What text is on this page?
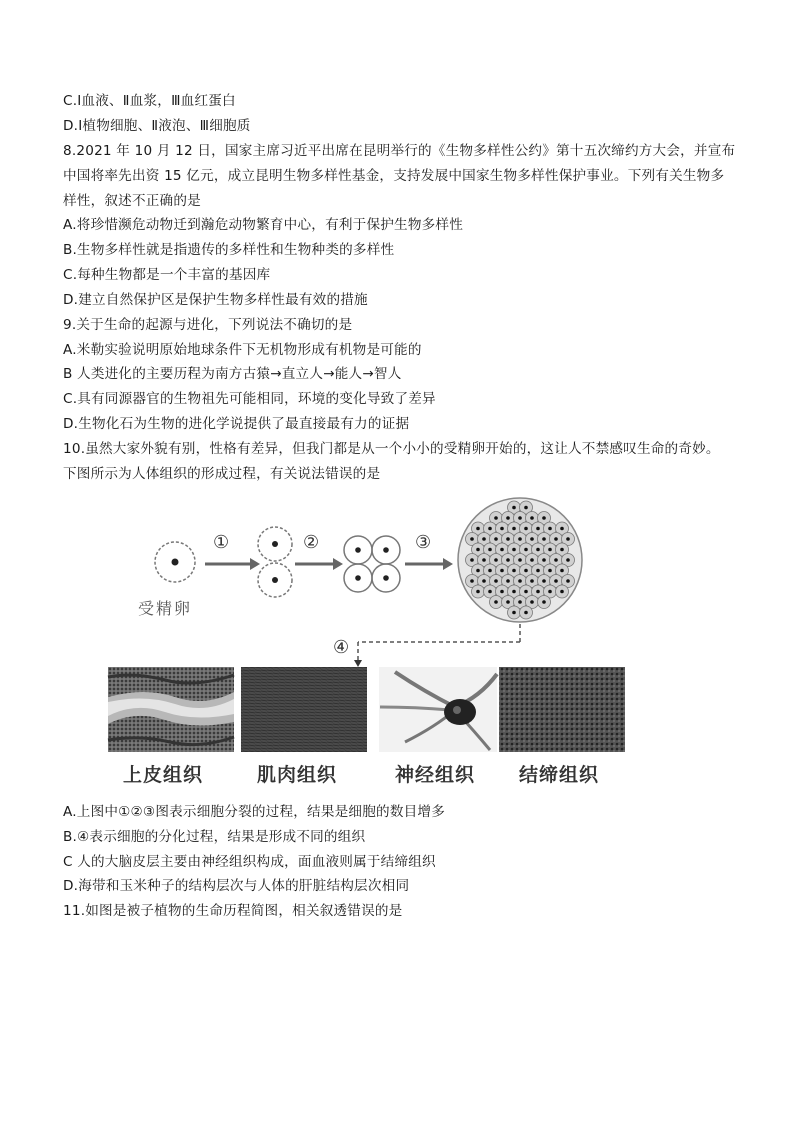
C.Ⅰ血液、Ⅱ血浆，Ⅲ血红蛋白
D.Ⅰ植物细胞、Ⅱ液泡、Ⅲ细胞质
8.2021 年 10 月 12 日，国家主席习近平出席在昆明举行的《生物多样性公约》第十五次缔约方大会，并宣布
中国将率先出资 15 亿元，成立昆明生物多样性基金，支持发展中国家生物多样性保护事业。下列有关生物多
样性，叙述不正确的是
A.将珍惜濒危动物迁到瀚危动物繁育中心，有利于保护生物多样性
B.生物多样性就是指遗传的多样性和生物种类的多样性
C.每种生物都是一个丰富的基因库
D.建立自然保护区是保护生物多样性最有效的措施
9.关于生命的起源与进化，下列说法不确切的是
A.米勒实验说明原始地球条件下无机物形成有机物是可能的
B 人类进化的主要历程为南方古猿→直立人→能人→智人
C.具有同源器官的生物祖先可能相同，环境的变化导致了差异
D.生物化石为生物的进化学说提供了最直接最有力的证据
10.虽然大家外貌有别，性格有差异，但我门都是从一个小小的受精卵开始的，这让人不禁感叹生命的奇妙。
下图所示为人体组织的形成过程，有关说法错误的是
受精卵
①	②	③
④
上皮组织	肌肉组织	神经组织 结缔组织
A.上图中①②③图表示细胞分裂的过程，结果是细胞的数目增多
B.④表示细胞的分化过程，结果是形成不同的组织
C 人的大脑皮层主要由神经组织构成，面血液则属于结缔组织
D.海带和玉米种子的结构层次与人体的肝脏结构层次相同
11.如图是被子植物的生命历程简图，相关叙透错误的是
